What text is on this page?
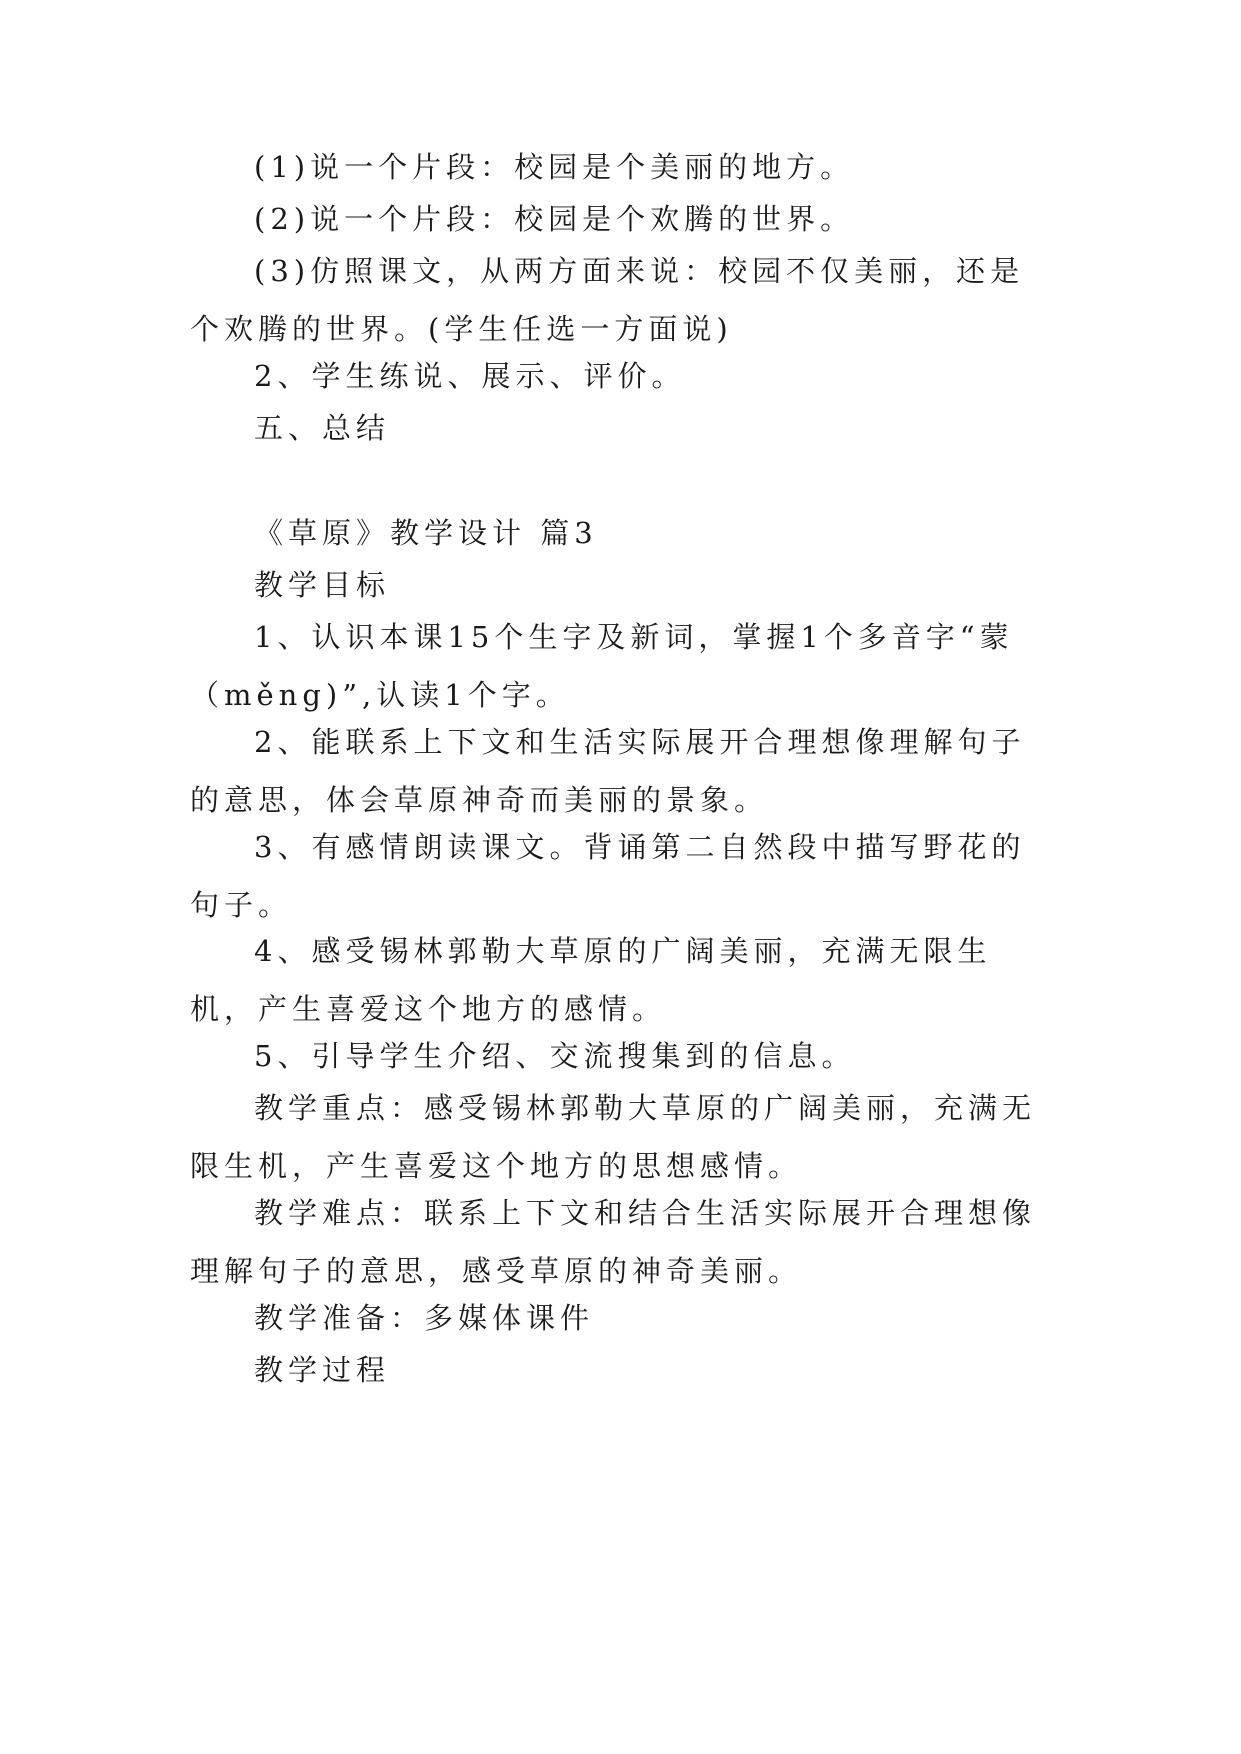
(1)说一个片段：校园是个美丽的地方。

(2)说一个片段：校园是个欢腾的世界。

(3)仿照课文，从两方面来说：校园不仅美丽，还是个欢腾的世界。(学生任选一方面说)

2、学生练说、展示、评价。

五、总结

《草原》教学设计 篇3

教学目标

1、认识本课15个生字及新词，掌握1个多音字“蒙（měng)”,认读1个字。

2、能联系上下文和生活实际展开合理想像理解句子的意思，体会草原神奇而美丽的景象。

3、有感情朗读课文。背诵第二自然段中描写野花的句子。

4、感受锡林郭勒大草原的广阔美丽，充满无限生机，产生喜爱这个地方的感情。

5、引导学生介绍、交流搜集到的信息。

教学重点：感受锡林郭勒大草原的广阔美丽，充满无限生机，产生喜爱这个地方的思想感情。

教学难点：联系上下文和结合生活实际展开合理想像理解句子的意思，感受草原的神奇美丽。

教学准备：多媒体课件

教学过程
